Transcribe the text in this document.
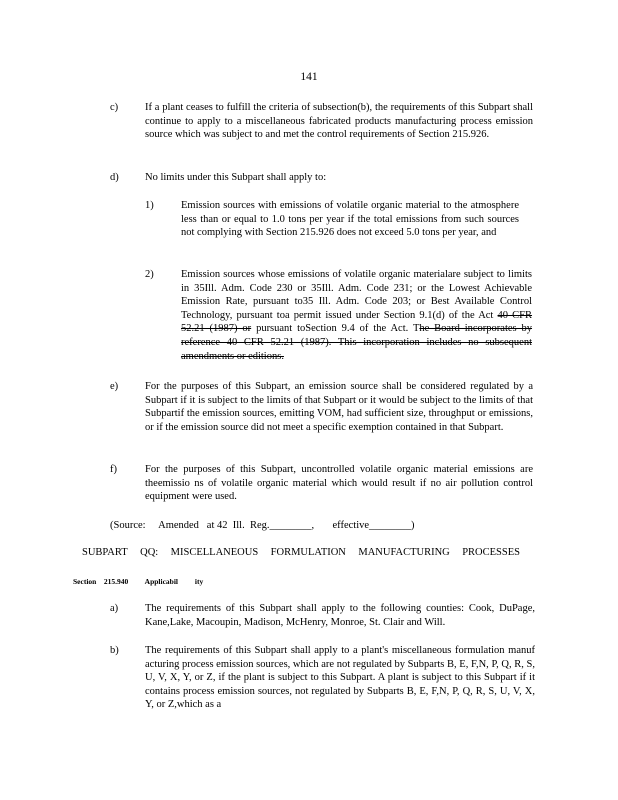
141
c)	If a plant ceases to fulfill the criteria of subsection(b), the requirements of this Subpart shall continue to apply to a miscellaneous fabricated products manufacturing process emission source which was subject to and met the control requirements of Section 215.926.
d)	No limits under this Subpart shall apply to:
1)	Emission sources with emissions of volatile organic material to the atmosphere less than or equal to 1.0 tons per year if the total emissions from such sources not complying with Section 215.926 does not exceed 5.0 tons per year, and
2)	Emission sources whose emissions of volatile organic materialare subject to limits in 35Ill. Adm. Code 230 or 35Ill. Adm. Code 231; or the Lowest Achievable Emission Rate, pursuant to35 Ill. Adm. Code 203; or Best Available Control Technology, pursuant toa permit issued under Section 9.1(d) of the Act 40 CFR 52.21 (1987) or pursuant toSection 9.4 of the Act. The Board incorporates by reference 40 CFR 52.21 (1987). This incorporation includes no subsequent amendments or editions.
e)	For the purposes of this Subpart, an emission source shall be considered regulated by a Subpart if it is subject to the limits of that Subpart or it would be subject to the limits of that Subpartif the emission sources, emitting VOM, had sufficient size, throughput or emissions, or if the emission source did not meet a specific exemption contained in that Subpart.
f)	For the purposes of this Subpart, uncontrolled volatile organic material emissions are theemissio ns of volatile organic material which would result if no air pollution control equipment were used.
(Source:     Amended   at 42  Ill.  Reg.________,       effective________)
SUBPART QQ: MISCELLANEOUS FORMULATION MANUFACTURING PROCESSES
Section    215.940         Applicabil         ity
a)	The requirements of this Subpart shall apply to the following counties: Cook, DuPage, Kane,Lake, Macoupin, Madison, McHenry, Monroe, St. Clair and Will.
b)	The requirements of this Subpart shall apply to a plant's miscellaneous formulation manuf acturing process emission sources, which are not regulated by Subparts B, E, F,N, P, Q, R, S, U, V, X, Y, or Z, if the plant is subject to this Subpart. A plant is subject to this Subpart if it contains process emission sources, not regulated by Subparts B, E, F,N, P, Q, R, S, U, V, X, Y, or Z,which as a
